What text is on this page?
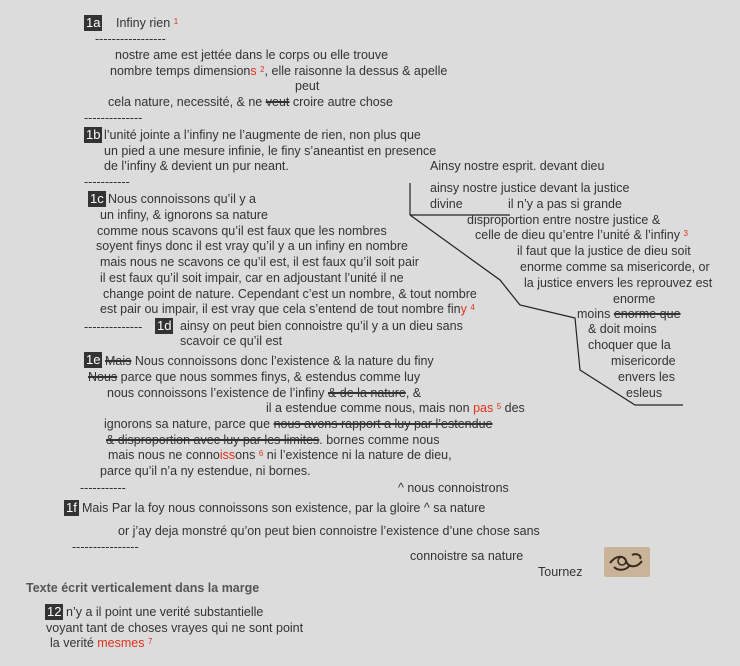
1a Infiny rien $^1$
-----------------
nostre ame est jettée dans le corps ou elle trouve
nombre temps dimensions $^2$, elle raisonne la dessus & apelle
peut
cela nature, necessité, & ne veut croire autre chose
--------------
1b l’unité jointe a l’infiny ne l’augmente de rien, non plus que
un pied a une mesure infinie, le finy s’aneantist en presence
de l’infiny & devient un pur neant.
-----------
Ainsy nostre esprit. devant dieu
ainsy nostre justice devant la justice
divine	il n’y a pas si grande
disproportion entre nostre justice &
celle de dieu qu’entre l’unité & l’infiny $^3$
il faut que la justice de dieu soit
enorme comme sa misericorde, or
la justice envers les reprouvez est
enorme
moins enorme que
& doit moins
choquer que la
misericorde
envers les
esleus
1c Nous connoissons qu’il y a
un infiny, & ignorons sa nature
comme nous scavons qu’il est faux que les nombres
soyent finys donc il est vray qu’il y a un infiny en nombre
mais nous ne scavons ce qu’il est, il est faux qu’il soit pair
il est faux qu’il soit impair, car en adjoustant l’unité il ne
change point de nature. Cependant c’est un nombre, & tout nombre
est pair ou impair, il est vray que cela s’entend de tout nombre finy $^4$
-------------- 1d ainsy on peut bien connoistre qu’il y a un dieu sans
scavoir ce qu’il est
1e Mais Nous connoissons donc l’existence & la nature du finy
Nous parce que nous sommes finys, & estendus comme luy
nous connoissons l’existence de l’infiny & de la nature, &
il a estendue comme nous, mais non pas $^5$ des
ignorons sa nature, parce que nous avons rapport a luy par l’estendue
& disproportion avec luy par les limites. bornes comme nous
mais nous ne connoissons $^6$ ni l’existence ni la nature de dieu,
parce qu’il n’a ny estendue, ni bornes.
-----------	^ nous connoistrons
1f Mais Par la foy nous connoissons son existence, par la gloire ^ sa nature
or j’ay deja monstré qu’on peut bien connoistre l’existence d’une chose sans
----------------
connoistre sa nature
Tournez
Texte écrit verticalement dans la marge
12 n’y a il point une verité substantielle
voyant tant de choses vrayes qui ne sont point
la verité mesmes $^7$
